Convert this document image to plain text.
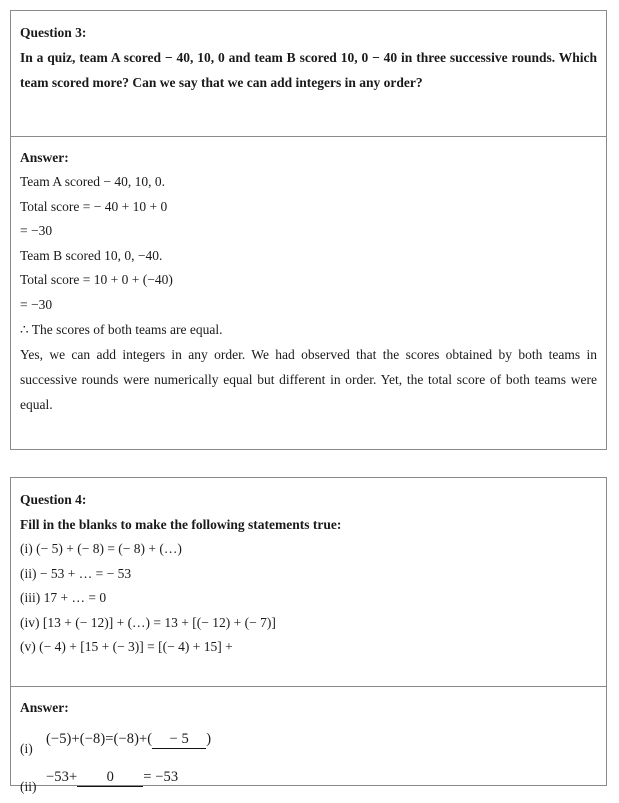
Question 3:

In a quiz, team A scored − 40, 10, 0 and team B scored 10, 0 − 40 in three successive rounds. Which team scored more? Can we say that we can add integers in any order?

Answer:

Team A scored − 40, 10, 0.

Total score = − 40 + 10 + 0

= −30

Team B scored 10, 0, −40.

Total score = 10 + 0 + (−40)

= −30

∴ The scores of both teams are equal.

Yes, we can add integers in any order. We had observed that the scores obtained by both teams in successive rounds were numerically equal but different in order. Yet, the total score of both teams were equal.

Question 4:

Fill in the blanks to make the following statements true:

(i) (− 5) + (− 8) = (− 8) + (…)

(ii) − 53 + … = − 53

(iii) 17 + … = 0

(iv) [13 + (− 12)] + (…) = 13 + [(− 12) + (− 7)]

(v) (− 4) + [15 + (− 3)] = [(− 4) + 15] +

Answer:

(i)
(−5)+(−8)=(−8)+( − 5 )
(ii)
−53+ 0 = −53
